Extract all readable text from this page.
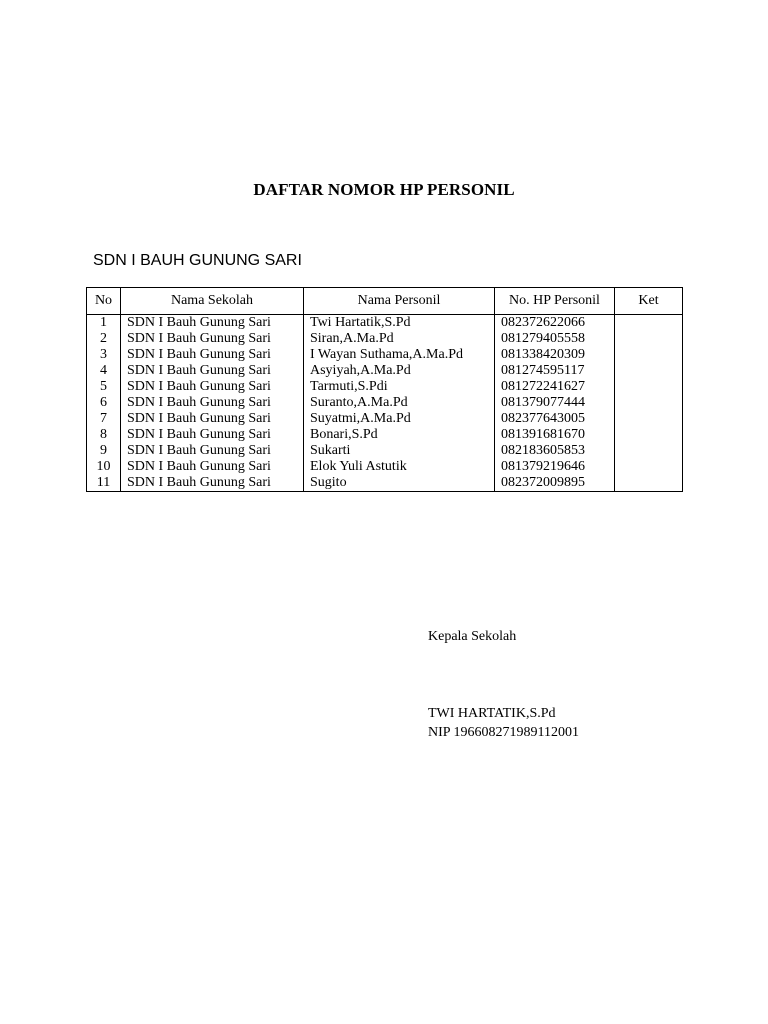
DAFTAR NOMOR HP PERSONIL
SDN I BAUH GUNUNG SARI
No	Nama Sekolah	Nama Personil	No. HP Personil	Ket
1	SDN I Bauh Gunung Sari	Twi Hartatik,S.Pd	082372622066	
2	SDN I Bauh Gunung Sari	Siran,A.Ma.Pd	081279405558	
3	SDN I Bauh Gunung Sari	I Wayan Suthama,A.Ma.Pd	081338420309	
4	SDN I Bauh Gunung Sari	Asyiyah,A.Ma.Pd	081274595117	
5	SDN I Bauh Gunung Sari	Tarmuti,S.Pdi	081272241627	
6	SDN I Bauh Gunung Sari	Suranto,A.Ma.Pd	081379077444	
7	SDN I Bauh Gunung Sari	Suyatmi,A.Ma.Pd	082377643005	
8	SDN I Bauh Gunung Sari	Bonari,S.Pd	081391681670	
9	SDN I Bauh Gunung Sari	Sukarti	082183605853	
10	SDN I Bauh Gunung Sari	Elok Yuli Astutik	081379219646	
11	SDN I Bauh Gunung Sari	Sugito	082372009895	
Kepala Sekolah
TWI HARTATIK,S.Pd
NIP 196608271989112001
